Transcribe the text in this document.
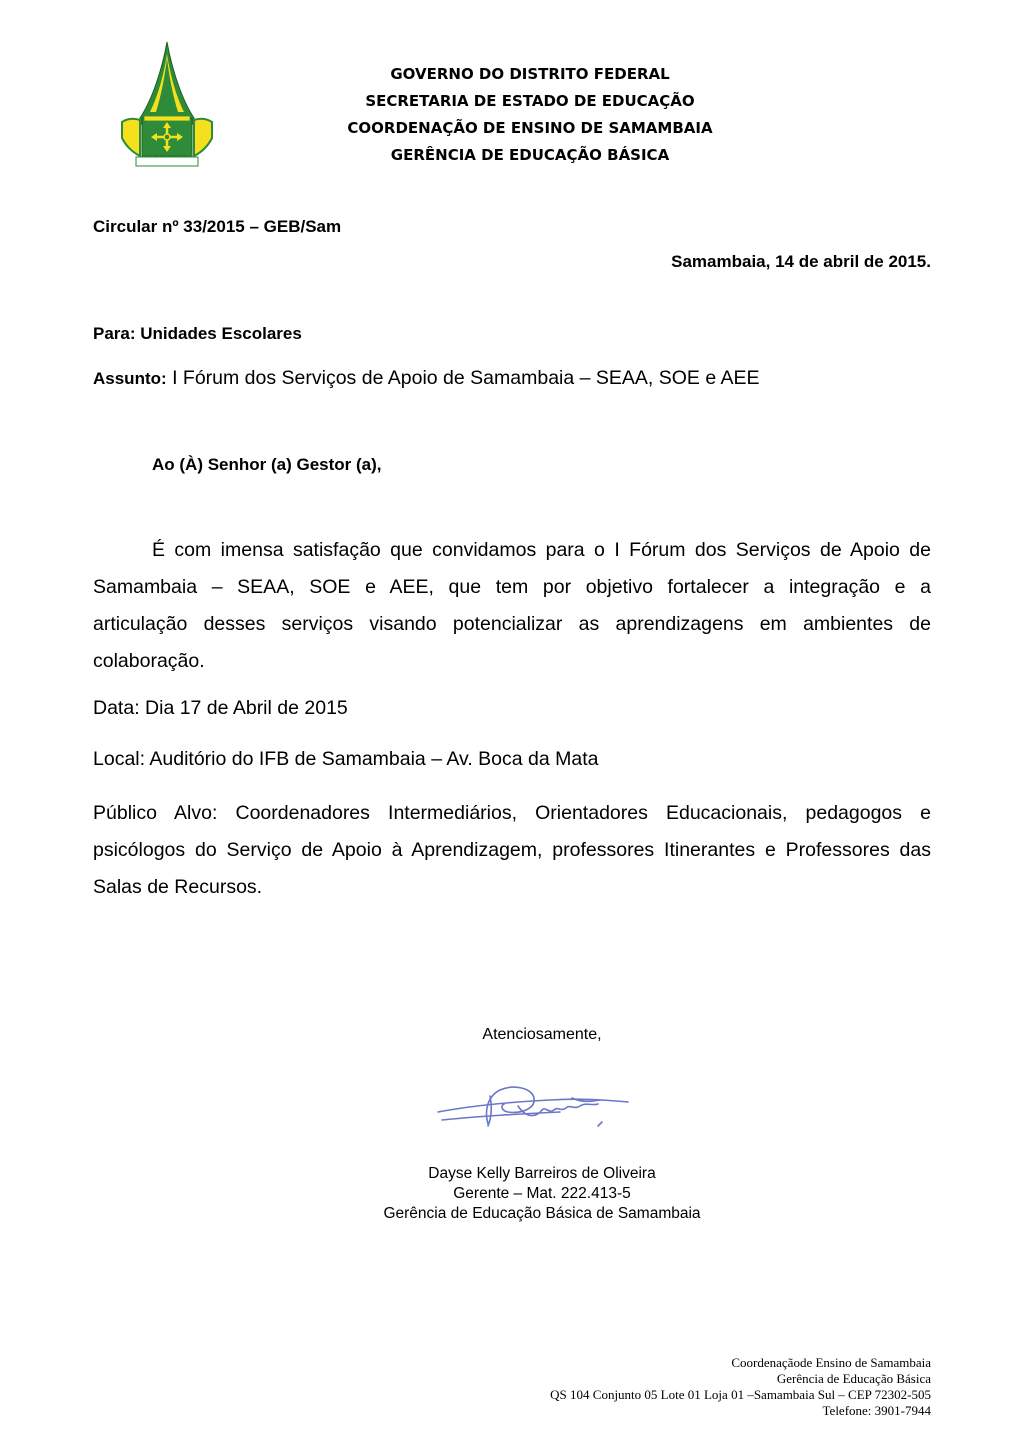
VENTVRIS VENTIS
GOVERNO DO DISTRITO FEDERAL
SECRETARIA DE ESTADO DE EDUCAÇÃO
COORDENAÇÃO DE ENSINO DE SAMAMBAIA
GERÊNCIA DE EDUCAÇÃO BÁSICA
Circular nº 33/2015 – GEB/Sam
Samambaia, 14 de abril de 2015.
Para: Unidades Escolares
Assunto: I Fórum dos Serviços de Apoio de Samambaia – SEAA, SOE e AEE
Ao (À) Senhor (a) Gestor (a),
É com imensa satisfação que convidamos para o I Fórum dos Serviços de Apoio de
Samambaia – SEAA, SOE e AEE, que tem por objetivo fortalecer a integração e a
articulação desses serviços visando potencializar as aprendizagens em ambientes de
colaboração.
Data: Dia 17 de Abril de 2015
Local: Auditório do IFB de Samambaia – Av. Boca da Mata
Público Alvo: Coordenadores Intermediários, Orientadores Educacionais, pedagogos e
psicólogos do Serviço de Apoio à Aprendizagem, professores Itinerantes e Professores das
Salas de Recursos.
Atenciosamente,
Dayse Kelly Barreiros de Oliveira
Gerente – Mat. 222.413-5
Gerência de Educação Básica de Samambaia
Coordenaçãode Ensino de Samambaia
Gerência de Educação Básica
QS 104 Conjunto 05 Lote 01 Loja 01 –Samambaia Sul – CEP 72302-505
Telefone: 3901-7944
